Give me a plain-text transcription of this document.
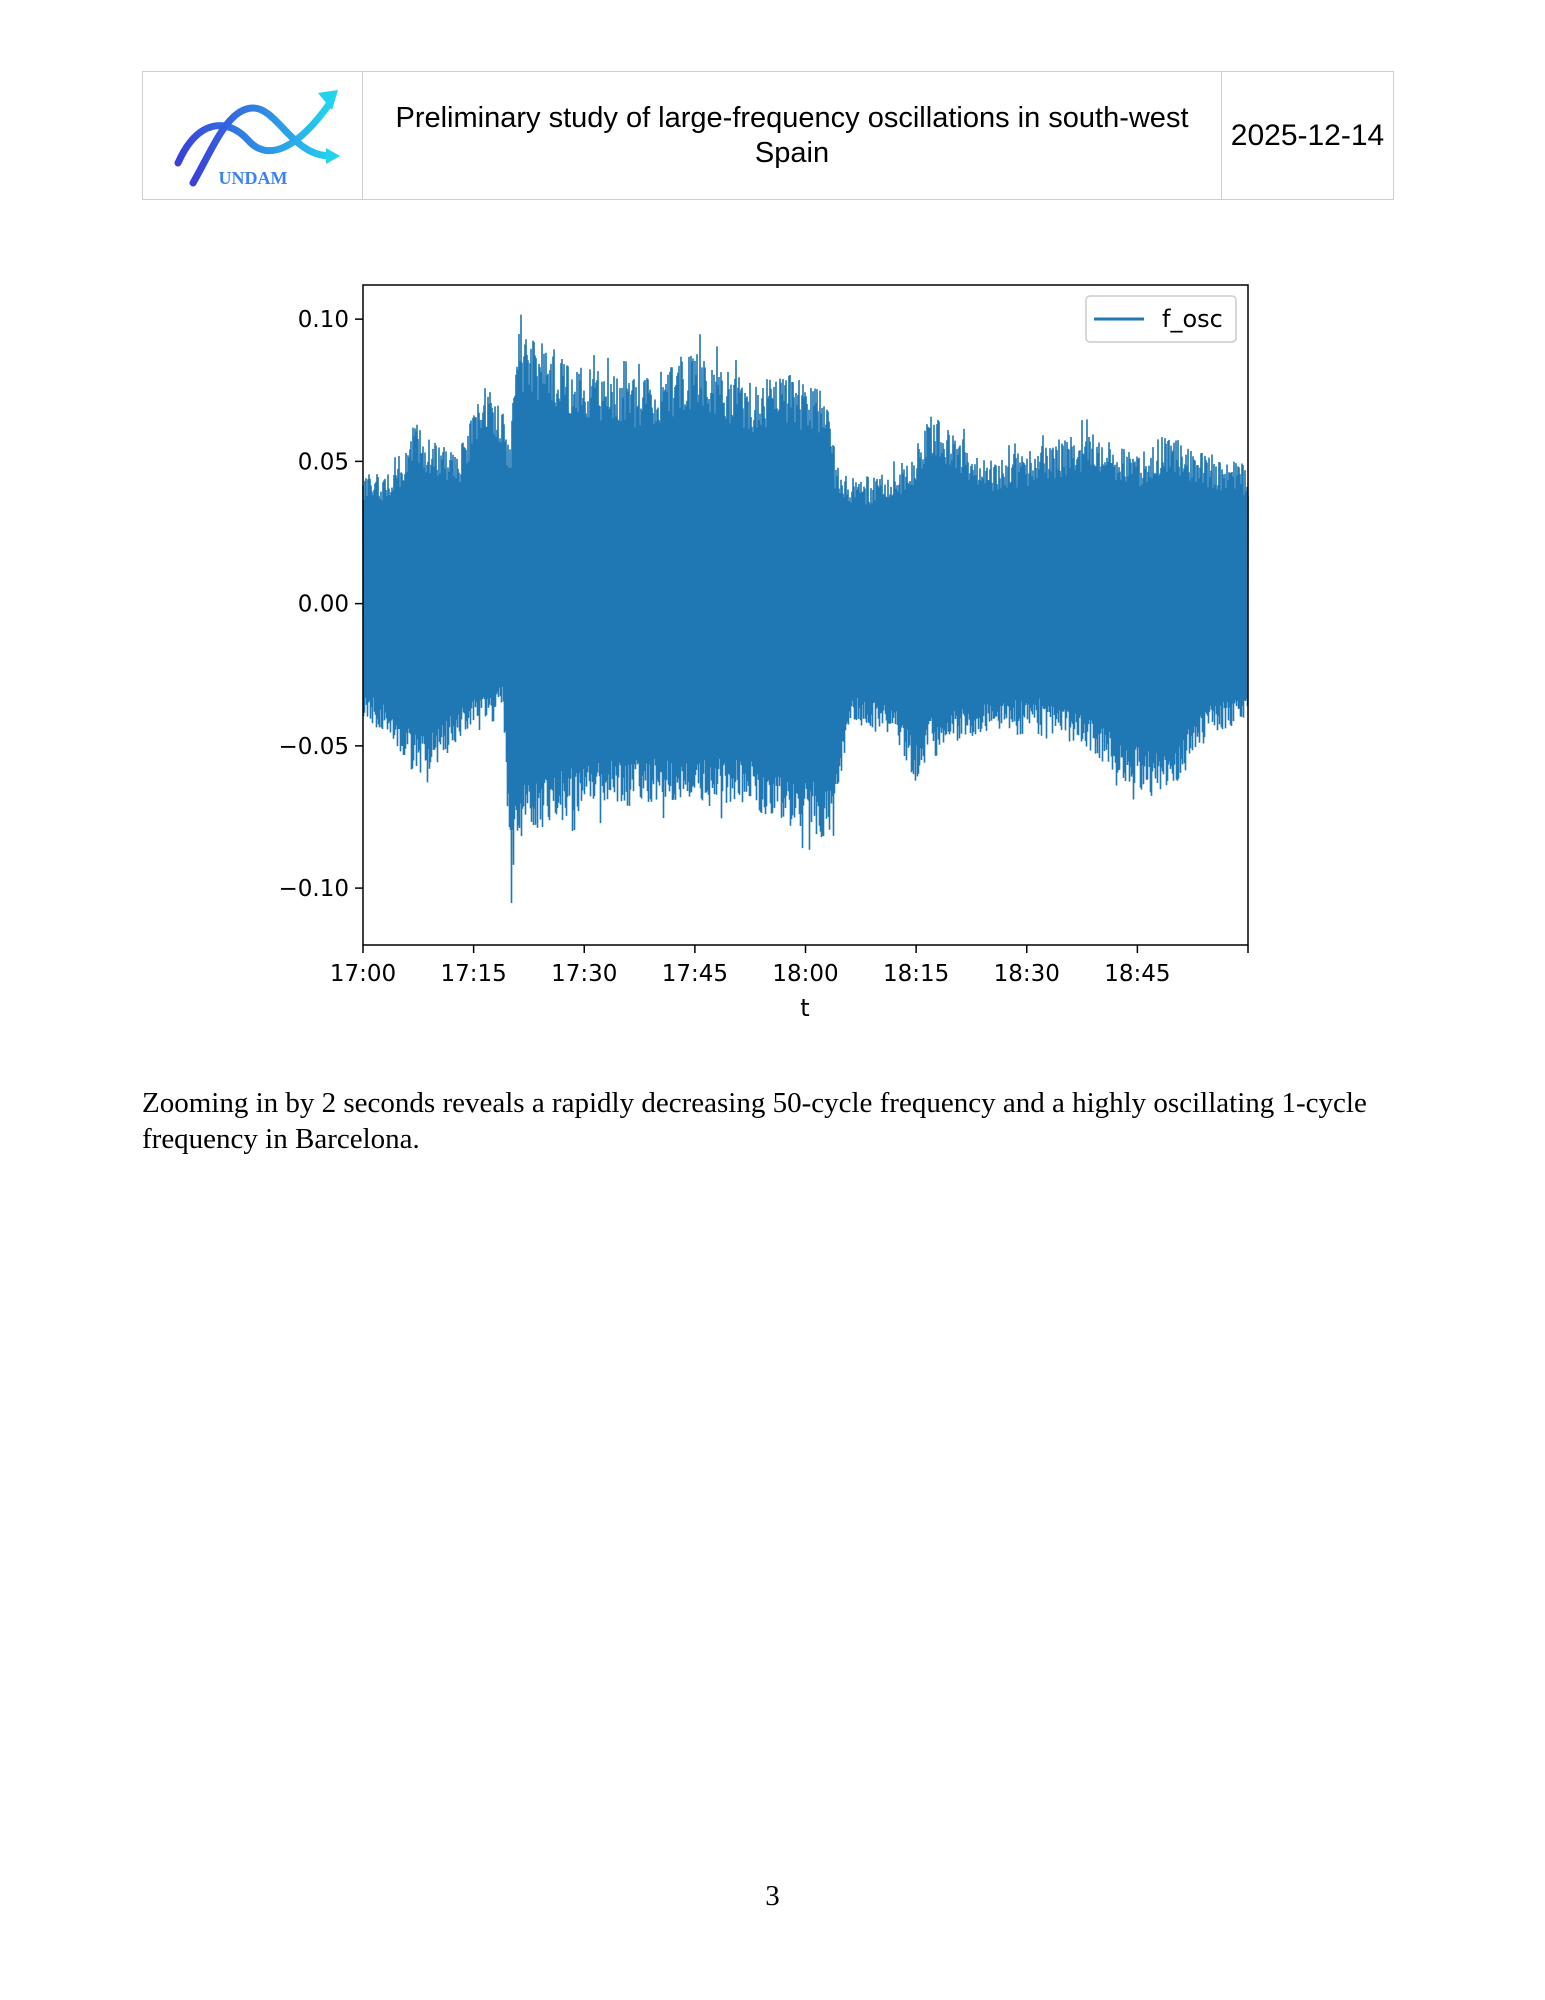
UNDAM
Preliminary study of large-frequency oscillations in south-west Spain
2025-12-14
0.10
0.05
0.00
−0.05
−0.10
17:00 17:15 17:30 17:45 18:00 18:15 18:30 18:45
t
f_osc
Zooming in by 2 seconds reveals a rapidly decreasing 50-cycle frequency and a highly oscillating 1-cycle frequency in Barcelona.
3
